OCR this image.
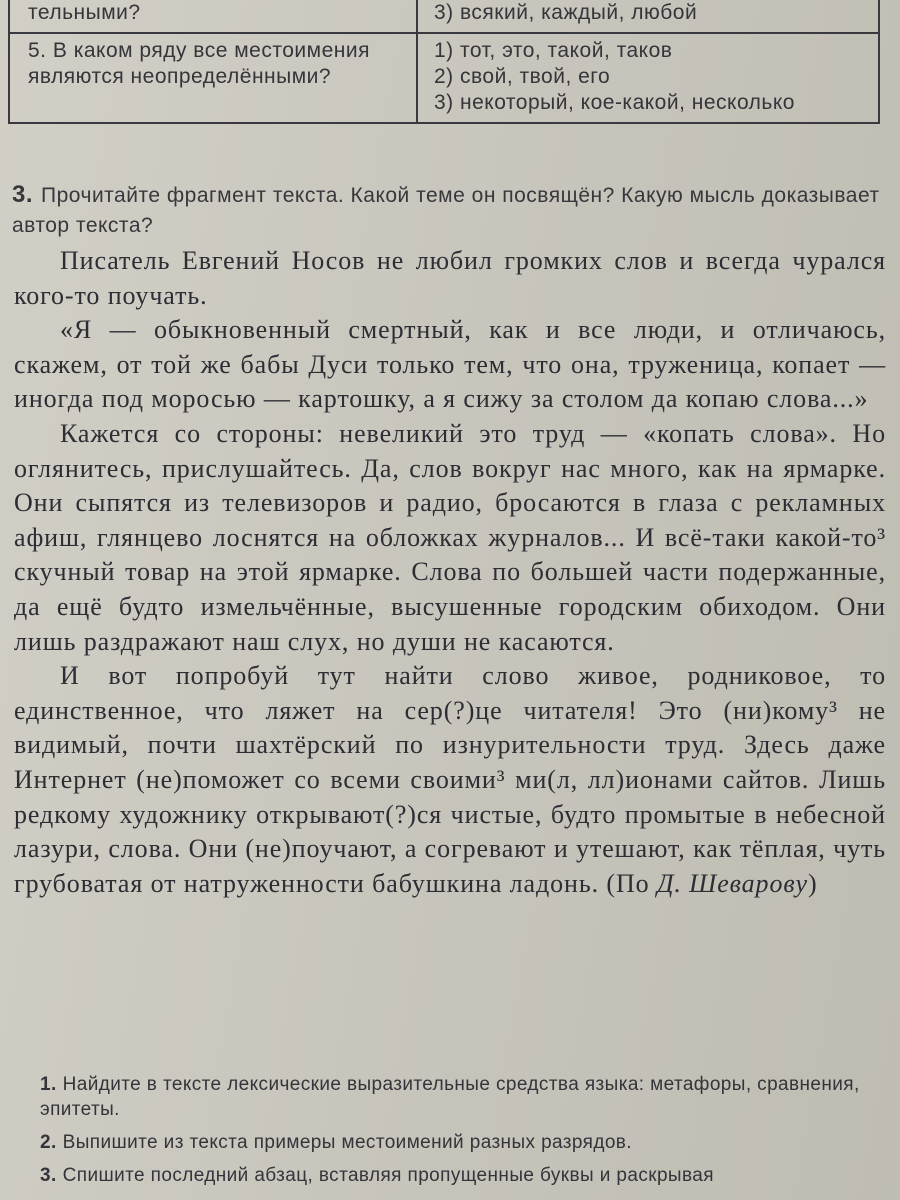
тельными?	3) всякий, каждый, любой
5. В каком ряду все местоимения являются неопределёнными?	1) тот, это, такой, таков
2) свой, твой, его
3) некоторый, кое-какой, несколько
3. Прочитайте фрагмент текста. Какой теме он посвящён? Какую мысль доказывает автор текста?

Писатель Евгений Носов не любил громких слов и всегда чурался кого-то поучать.

«Я — обыкновенный смертный, как и все люди, и отличаюсь, скажем, от той же бабы Дуси только тем, что она, труженица, копает — иногда под моросью — картошку, а я сижу за столом да копаю слова...»

Кажется со стороны: невеликий это труд — «копать слова». Но оглянитесь, прислушайтесь. Да, слов вокруг нас много, как на ярмарке. Они сыпятся из телевизоров и радио, бросаются в глаза с рекламных афиш, глянцево лоснятся на обложках журналов... И всё-таки какой-то³ скучный товар на этой ярмарке. Слова по большей части подержанные, да ещё будто измельчённые, высушенные городским обиходом. Они лишь раздражают наш слух, но души не касаются.

И вот попробуй тут найти слово живое, родниковое, то единственное, что ляжет на сер(?)це читателя! Это (ни)кому³ не видимый, почти шахтёрский по изнурительности труд. Здесь даже Интернет (не)поможет со всеми своими³ ми(л, лл)ионами сайтов. Лишь редкому художнику открывают(?)ся чистые, будто промытые в небесной лазури, слова. Они (не)поучают, а согревают и утешают, как тёплая, чуть грубоватая от натруженности бабушкина ладонь. (По Д. Шеварову)

1. Найдите в тексте лексические выразительные средства языка: метафоры, сравнения, эпитеты.
2. Выпишите из текста примеры местоимений разных разрядов.
3. Спишите последний абзац, вставляя пропущенные буквы и раскрывая
